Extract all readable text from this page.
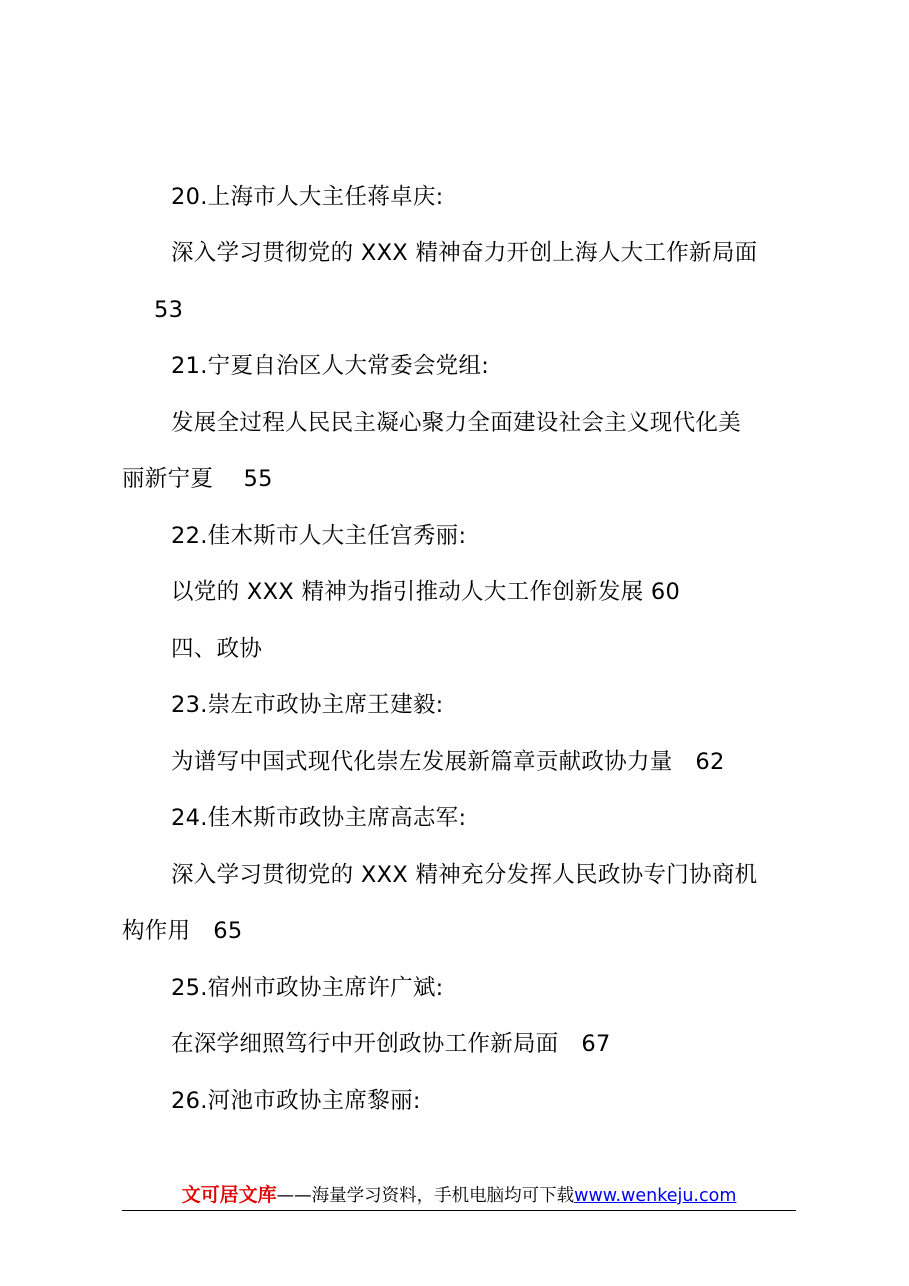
20.上海市人大主任蒋卓庆:
深入学习贯彻党的 XXX 精神奋力开创上海人大工作新局面
53
21.宁夏自治区人大常委会党组:
发展全过程人民民主凝心聚力全面建设社会主义现代化美
丽新宁夏　 55
22.佳木斯市人大主任宫秀丽:
以党的 XXX 精神为指引推动人大工作创新发展 60
四、政协
23.崇左市政协主席王建毅:
为谱写中国式现代化崇左发展新篇章贡献政协力量　62
24.佳木斯市政协主席高志军:
深入学习贯彻党的 XXX 精神充分发挥人民政协专门协商机
构作用　65
25.宿州市政协主席许广斌:
在深学细照笃行中开创政协工作新局面　67
26.河池市政协主席黎丽:
文可居文库——海量学习资料，手机电脑均可下载www.wenkeju.com
